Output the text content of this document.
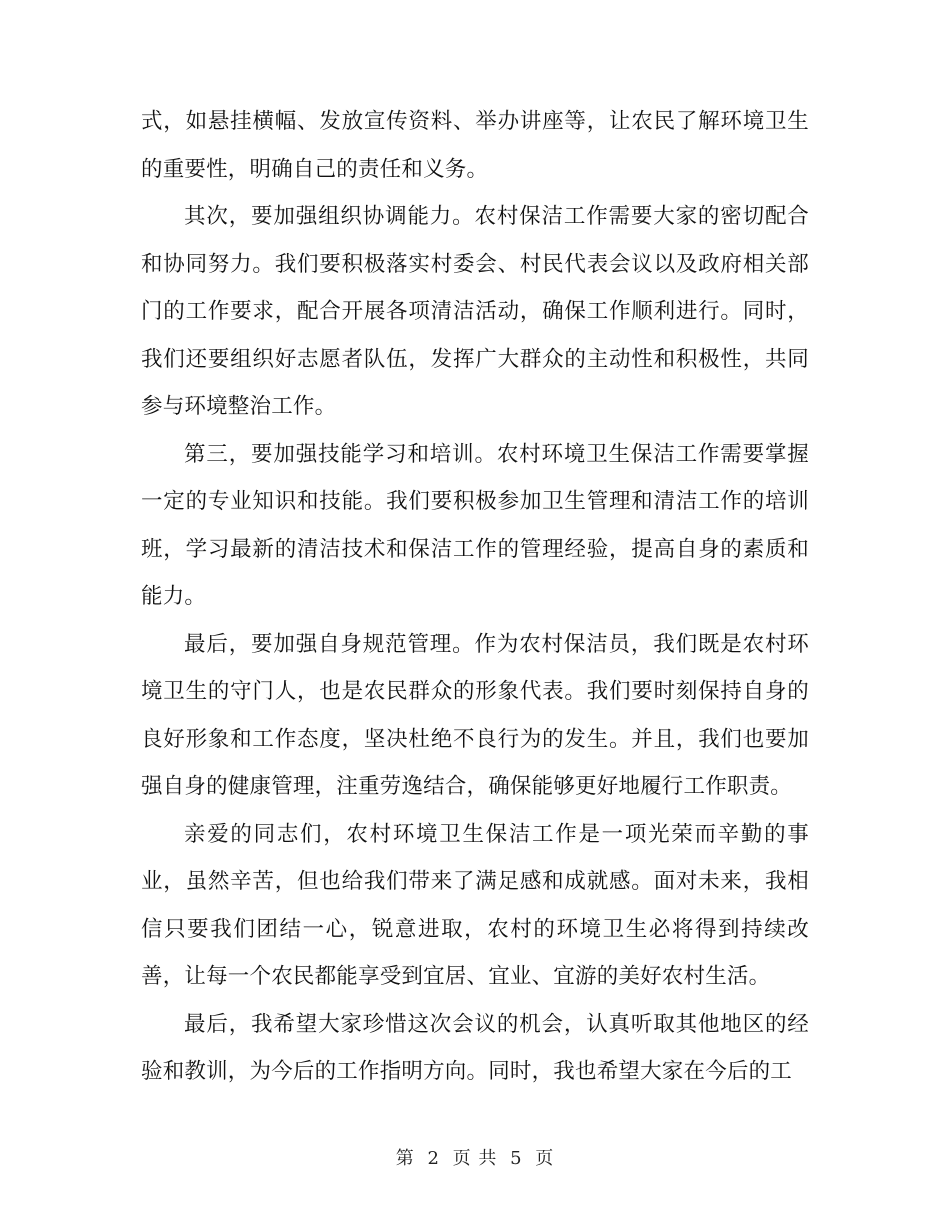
式，如悬挂横幅、发放宣传资料、举办讲座等，让农民了解环境卫生的重要性，明确自己的责任和义务。

其次，要加强组织协调能力。农村保洁工作需要大家的密切配合和协同努力。我们要积极落实村委会、村民代表会议以及政府相关部门的工作要求，配合开展各项清洁活动，确保工作顺利进行。同时，我们还要组织好志愿者队伍，发挥广大群众的主动性和积极性，共同参与环境整治工作。

第三，要加强技能学习和培训。农村环境卫生保洁工作需要掌握一定的专业知识和技能。我们要积极参加卫生管理和清洁工作的培训班，学习最新的清洁技术和保洁工作的管理经验，提高自身的素质和能力。

最后，要加强自身规范管理。作为农村保洁员，我们既是农村环境卫生的守门人，也是农民群众的形象代表。我们要时刻保持自身的良好形象和工作态度，坚决杜绝不良行为的发生。并且，我们也要加强自身的健康管理，注重劳逸结合，确保能够更好地履行工作职责。

亲爱的同志们，农村环境卫生保洁工作是一项光荣而辛勤的事业，虽然辛苦，但也给我们带来了满足感和成就感。面对未来，我相信只要我们团结一心，锐意进取，农村的环境卫生必将得到持续改善，让每一个农民都能享受到宜居、宜业、宜游的美好农村生活。

最后，我希望大家珍惜这次会议的机会，认真听取其他地区的经验和教训，为今后的工作指明方向。同时，我也希望大家在今后的工

第 2 页 共 5 页
